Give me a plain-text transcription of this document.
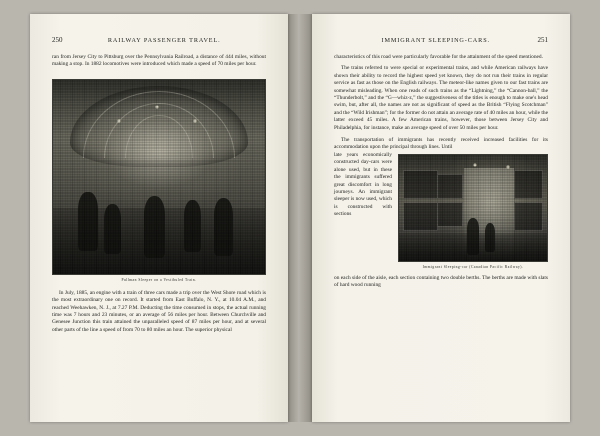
250	RAILWAY PASSENGER TRAVEL.

ran from Jersey City to Pittsburg over the Pennsylvania Railroad, a distance of 444 miles, without making a stop. In 1882 locomotives were introduced which made a speed of 70 miles per hour.

Pullman Sleeper on a Vestibuled Train.

In July, 1885, an engine with a train of three cars made a trip over the West Shore road which is the most extraordinary one on record. It started from East Buffalo, N. Y., at 10.04 A.M., and reached Weehawken, N. J., at 7.27 P.M. Deducting the time consumed in stops, the actual running time was 7 hours and 23 minutes, or an average of 56 miles per hour. Between Churchville and Genesee Junction this train attained the unparalleled speed of 87 miles per hour, and at several other parts of the line a speed of from 70 to 80 miles an hour. The superior physical

251
IMMIGRANT SLEEPING-CARS.

characteristics of this road were particularly favorable for the attainment of the speed mentioned.

The trains referred to were special or experimental trains, and while American railways have shown their ability to record the highest speed yet known, they do not run their trains in regular service as fast as those on the English railways. The meteor-like names given to our fast trains are somewhat misleading. When one reads of such trains as the “Lightning,” the “Cannon-ball,” the “Thunderbolt,” and the “G—whiz-z,” the suggestiveness of the titles is enough to make one's head swim, but, after all, the names are not as significant of speed as the British “Flying Scotchman” and the “Wild Irishman”; for the former do not attain an average rate of 40 miles an hour, while the latter exceed 45 miles. A few American trains, however, those between Jersey City and Philadelphia, for instance, make an average speed of over 50 miles per hour.

The transportation of immigrants has recently received increased facilities for its accommodation upon the principal through lines. Until

Immigrant Sleeping-car (Canadian Pacific Railway).
late years economically constructed day-cars were alone used, but in these the immigrants suffered great discomfort in long journeys. An immigrant sleeper is now used, which is constructed with sections

on each side of the aisle, each section containing two double berths. The berths are made with slats of hard wood running
